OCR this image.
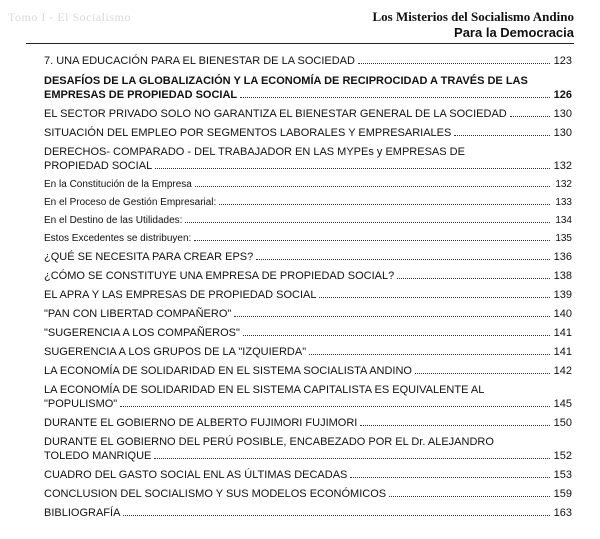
Tomo I - El Socialismo	Los Misterios del Socialismo Andino
Para la Democracia
7. UNA EDUCACIÓN PARA EL BIENESTAR DE LA SOCIEDAD	123
DESAFÍOS DE LA GLOBALIZACIÓN Y LA ECONOMÍA DE RECIPROCIDAD A TRAVÉS DE LAS
EMPRESAS DE PROPIEDAD SOCIAL	126
EL SECTOR PRIVADO SOLO NO GARANTIZA EL BIENESTAR GENERAL DE LA SOCIEDAD	130
SITUACIÓN DEL EMPLEO POR SEGMENTOS LABORALES Y EMPRESARIALES	130
DERECHOS- COMPARADO - DEL TRABAJADOR EN LAS MYPEs y EMPRESAS DE
PROPIEDAD SOCIAL	132
En la Constitución de la Empresa	132
En el Proceso de Gestión Empresarial:	133
En el Destino de las Utilidades:	134
Estos Excedentes se distribuyen:	135
¿QUÉ SE NECESITA PARA CREAR EPS?	136
¿CÓMO SE CONSTITUYE UNA EMPRESA DE PROPIEDAD SOCIAL?	138
EL APRA Y LAS EMPRESAS DE PROPIEDAD SOCIAL	139
"PAN CON LIBERTAD COMPAÑERO"	140
"SUGERENCIA A LOS COMPAÑEROS"	141
SUGERENCIA A LOS GRUPOS DE LA "IZQUIERDA"	141
LA ECONOMÍA DE SOLIDARIDAD EN EL SISTEMA SOCIALISTA ANDINO	142
LA ECONOMÍA DE SOLIDARIDAD EN EL SISTEMA CAPITALISTA ES EQUIVALENTE AL
"POPULISMO"	145
DURANTE EL GOBIERNO DE ALBERTO FUJIMORI FUJIMORI	150
DURANTE EL GOBIERNO DEL PERÚ POSIBLE, ENCABEZADO POR EL Dr. ALEJANDRO
TOLEDO MANRIQUE	152
CUADRO DEL GASTO SOCIAL ENL AS ÚLTIMAS DECADAS	153
CONCLUSION DEL SOCIALISMO Y SUS MODELOS ECONÓMICOS	159
BIBLIOGRAFÍA	163
